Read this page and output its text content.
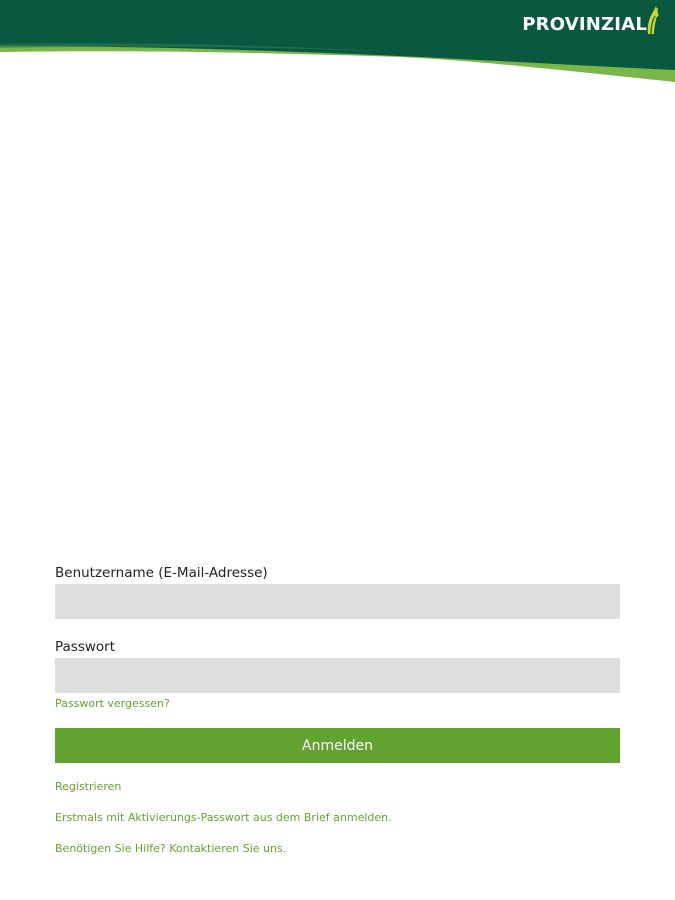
PROVINZIAL
Benutzername (E-Mail-Adresse)
Passwort
Passwort vergessen?
Anmelden
Registrieren
Erstmals mit Aktivierungs-Passwort aus dem Brief anmelden.
Benötigen Sie Hilfe? Kontaktieren Sie uns.
